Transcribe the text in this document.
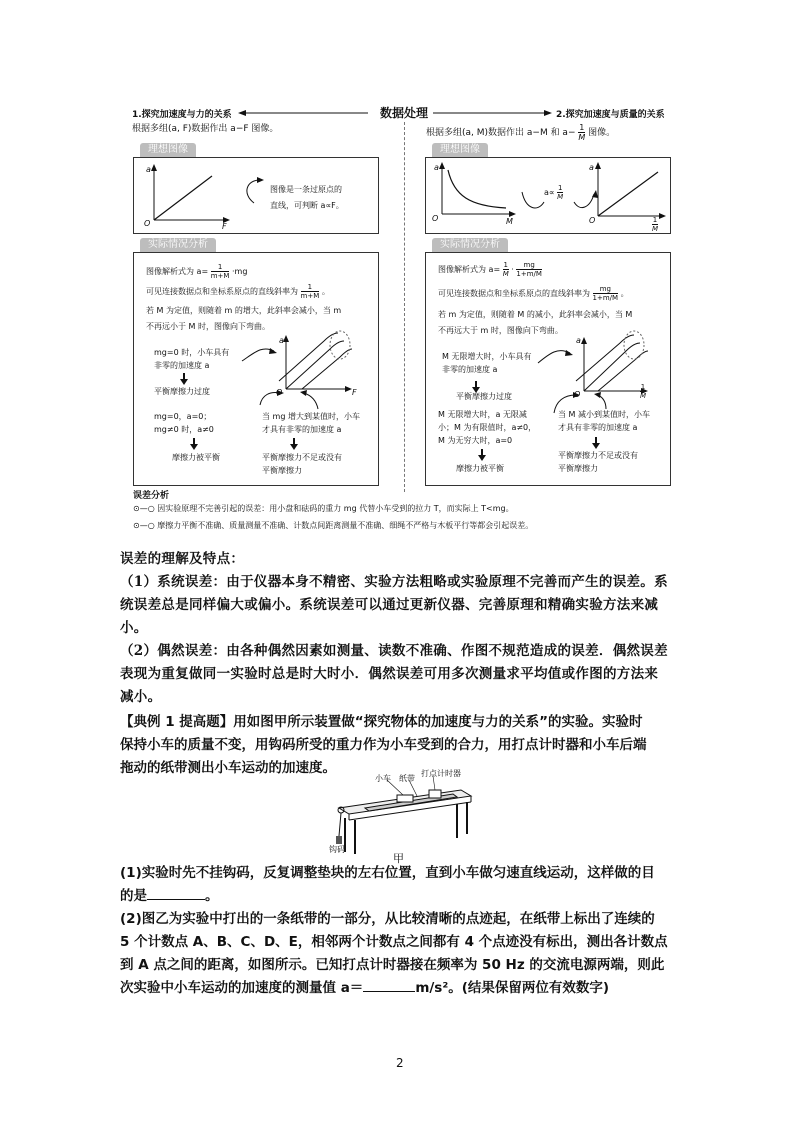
1.探究加速度与力的关系	数据处理	2.探究加速度与质量的关系
根据多组(a, F)数据作出 a−F 图像。
理想图像
a
O	F
图像是一条过原点的
直线，可判断 a∝F。
实际情况分析
图像解析式为 $a= \frac{1}{m+M} \cdot mg$
可见连接数据点和坐标系原点的直线斜率为 $\frac{1}{m+M}$ 。
若 M 为定值，则随着 m 的增大，此斜率会减小，当 m
不再远小于 M 时，图像向下弯曲。
a
O	F
mg=0 时，小车具有
非零的加速度 a
平衡摩擦力过度
mg=0，a=0；
mg≠0 时，a≠0
摩擦力被平衡
当 mg 增大到某值时，小车
才具有非零的加速度 a
平衡摩擦力不足或没有
平衡摩擦力
根据多组(a, M)数据作出 a−M 和 $a- \frac{1}{M}$ 图像。
理想图像
a
O	M
$a\propto \frac{1}{M}$
a
O	$\frac{1}{M}$
实际情况分析
图像解析式为 $a= \frac{1}{M} \cdot \frac{mg}{1+m/M}$
可见连接数据点和坐标系原点的直线斜率为 $\frac{mg}{1+m/M}$ 。
若 m 为定值，则随着 M 的减小，此斜率会减小，当 M
不再远大于 m 时，图像向下弯曲。
a
O	$\frac{1}{M}$
M 无限增大时，小车具有
非零的加速度 a
平衡摩擦力过度
M 无限增大时，a 无限减
小；M 为有限值时，a≠0，
M 为无穷大时，a=0
摩擦力被平衡
当 M 减小到某值时，小车
才具有非零的加速度 a
平衡摩擦力不足或没有
平衡摩擦力
误差分析
⊙—○ 因实验原理不完善引起的误差：用小盘和砝码的重力 mg 代替小车受到的拉力 T，而实际上 T<mg。
⊙—○ 摩擦力平衡不准确、质量测量不准确、计数点间距离测量不准确、细绳不严格与木板平行等都会引起误差。
误差的理解及特点：
（1）系统误差：由于仪器本身不精密、实验方法粗略或实验原理不完善而产生的误差。系
统误差总是同样偏大或偏小。系统误差可以通过更新仪器、完善原理和精确实验方法来减
小。
（2）偶然误差：由各种偶然因素如测量、读数不准确、作图不规范造成的误差．偶然误差
表现为重复做同一实验时总是时大时小．偶然误差可用多次测量求平均值或作图的方法来
减小。
【典例 1 提高题】用如图甲所示装置做“探究物体的加速度与力的关系”的实验。实验时
保持小车的质量不变，用钩码所受的重力作为小车受到的合力，用打点计时器和小车后端
拖动的纸带测出小车运动的加速度。
小车 纸带
打点计时器
钩码
甲
(1)实验时先不挂钩码，反复调整垫块的左右位置，直到小车做匀速直线运动，这样做的目
的是	。
(2)图乙为实验中打出的一条纸带的一部分，从比较清晰的点迹起，在纸带上标出了连续的
5 个计数点 A、B、C、D、E，相邻两个计数点之间都有 4 个点迹没有标出，测出各计数点
到 A 点之间的距离，如图所示。已知打点计时器接在频率为 50 Hz 的交流电源两端，则此
次实验中小车运动的加速度的测量值 a＝	m/s²。(结果保留两位有效数字)
2
